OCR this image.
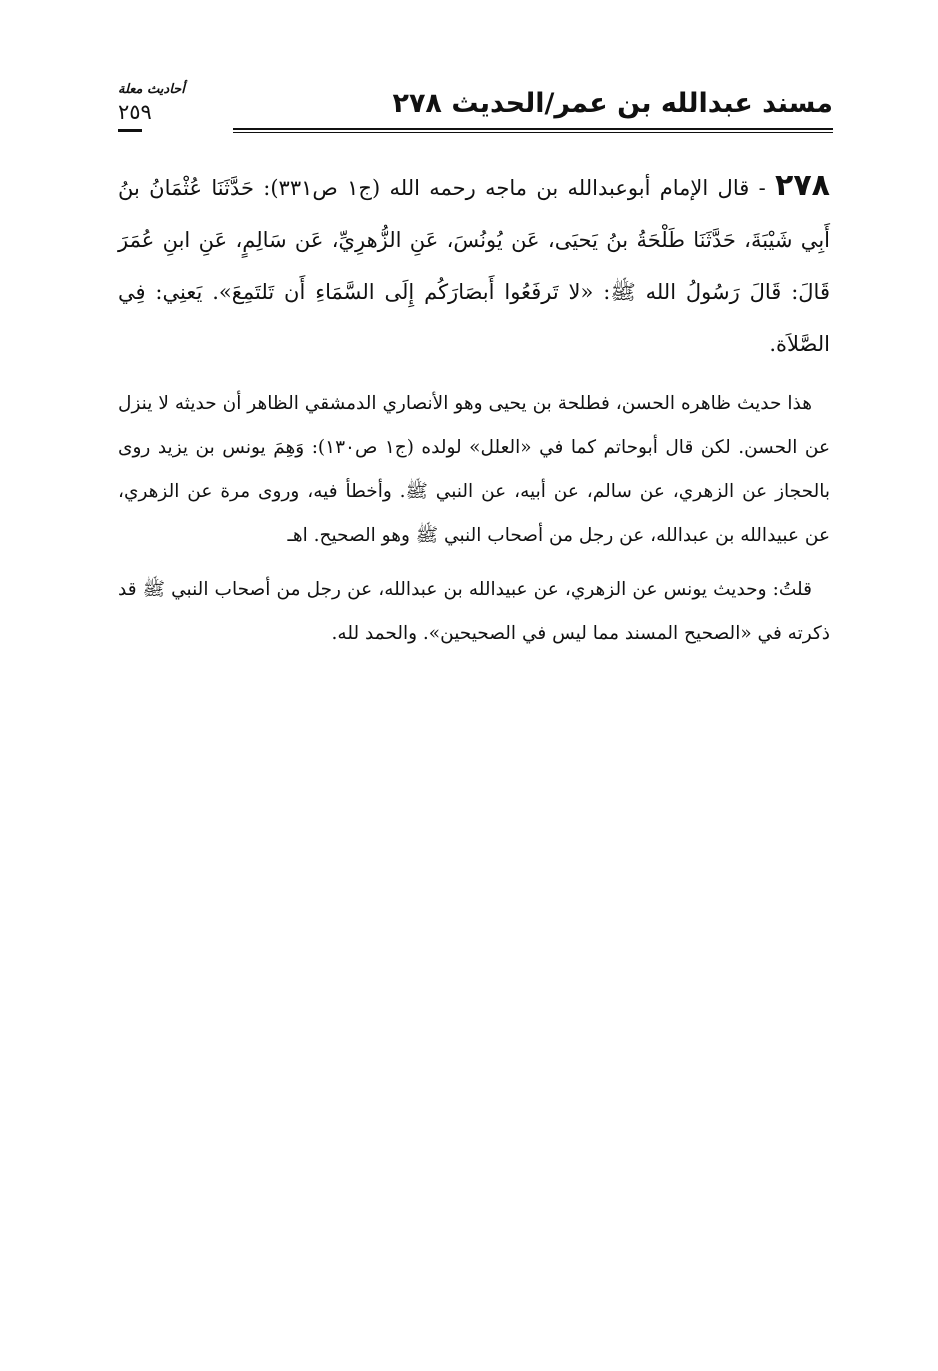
مسند عبدالله بن عمر/الحديث ٢٧٨
أحاديث معلة
٢٥٩

٢٧٨ - قال الإمام أبوعبدالله بن ماجه رحمه الله (ج١ ص٣٣١): حَدَّثَنَا عُثْمَانُ بنُ أَبِي شَيْبَةَ، حَدَّثَنَا طَلْحَةُ بنُ يَحيَى، عَن يُونُسَ، عَنِ الزُّهرِيِّ، عَن سَالِمٍ، عَنِ ابنِ عُمَرَ قَالَ: قَالَ رَسُولُ الله ﷺ: «لا تَرفَعُوا أَبصَارَكُم إِلَى السَّمَاءِ أَن تَلتَمِعَ». يَعنِي: فِي الصَّلاَة.

هذا حديث ظاهره الحسن، فطلحة بن يحيى وهو الأنصاري الدمشقي الظاهر أن حديثه لا ينزل عن الحسن. لكن قال أبوحاتم كما في «العلل» لولده (ج١ ص١٣٠): وَهِمَ يونس بن يزيد روى بالحجاز عن الزهري، عن سالم، عن أبيه، عن النبي ﷺ. وأخطأ فيه، وروى مرة عن الزهري، عن عبيدالله بن عبدالله، عن رجل من أصحاب النبي ﷺ وهو الصحيح. اهـ

قلتُ: وحديث يونس عن الزهري، عن عبيدالله بن عبدالله، عن رجل من أصحاب النبي ﷺ قد ذكرته في «الصحيح المسند مما ليس في الصحيحين». والحمد لله.
